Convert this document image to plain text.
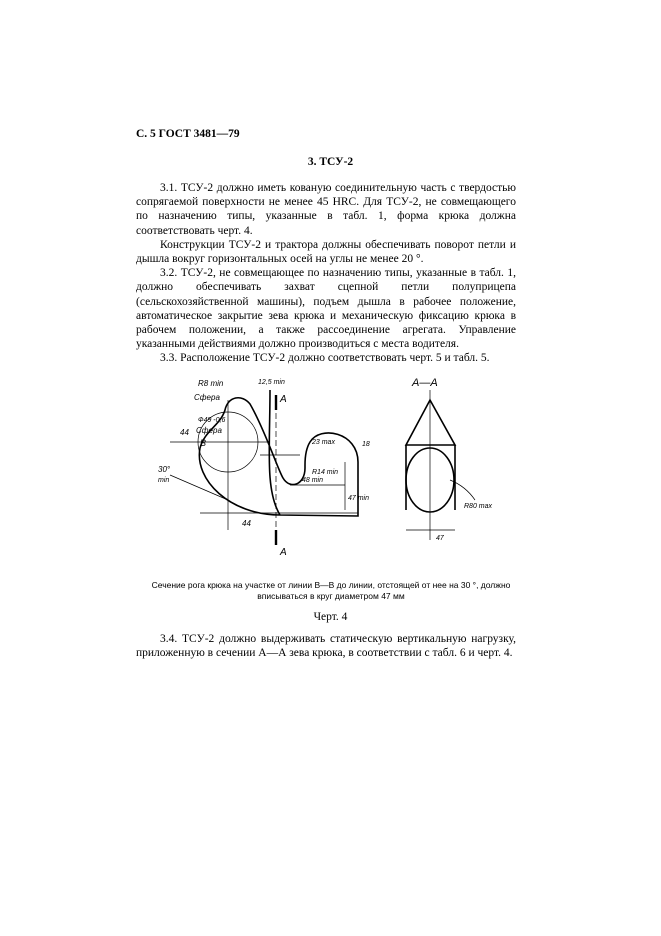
С. 5 ГОСТ 3481—79
3. ТСУ-2

3.1. ТСУ-2 должно иметь кованую соединительную часть с твердостью сопрягаемой поверхности не менее 45 HRC. Для ТСУ-2, не совмещающего по назначению типы, указанные в табл. 1, форма крюка должна соответствовать черт. 4.

Конструкции ТСУ-2 и трактора должны обеспечивать поворот петли и дышла вокруг горизонтальных осей на углы не менее 20 °.

3.2. ТСУ-2, не совмещающее по назначению типы, указанные в табл. 1, должно обеспечивать захват сцепной петли полуприцепа (сельскохозяйственной машины), подъем дышла в рабочее положение, автоматическое закрытие зева крюка и механическую фиксацию крюка в рабочем положении, а также рассоединение агрегата. Управление указанными действиями должно производиться с места водителя.

3.3. Расположение ТСУ-2 должно соответствовать черт. 5 и табл. 5.

R8 min
Сфера
12,5 min
Ф49 -0,6
Сфера
44
В
А
А
23 max	18
R14 min
48 min
47 min
30°
min
44
А—А
R80 max
47
Сечение рога крюка на участке от линии В—В до линии, отстоящей от нее на 30 °, должно вписываться в круг диаметром 47 мм
Черт. 4

3.4. ТСУ-2 должно выдерживать статическую вертикальную нагрузку, приложенную в сечении А—А зева крюка, в соответствии с табл. 6 и черт. 4.
